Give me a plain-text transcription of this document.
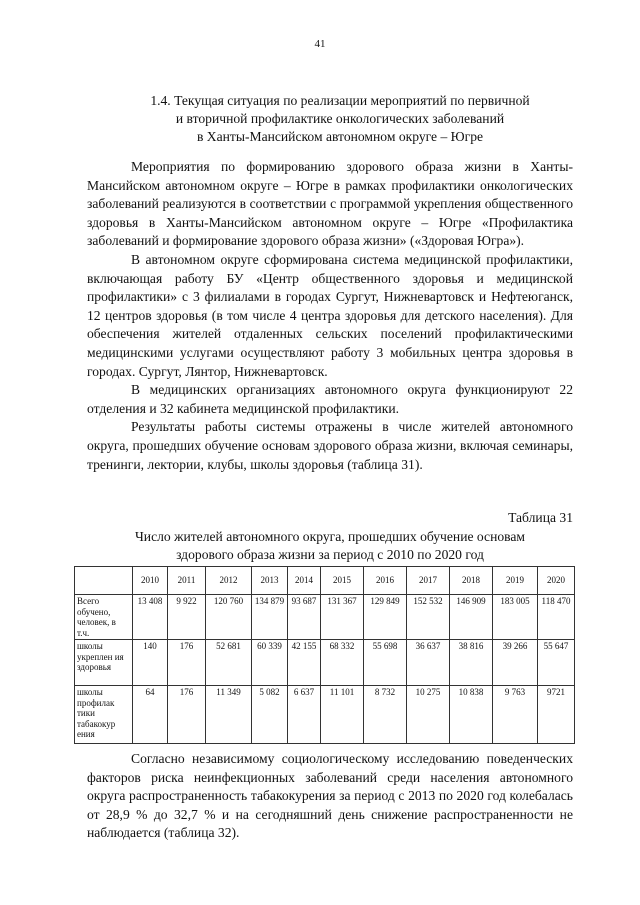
41
1.4. Текущая ситуация по реализации мероприятий по первичной
и вторичной профилактике онкологических заболеваний
в Ханты-Мансийском автономном округе – Югре

Мероприятия по формированию здорового образа жизни в Ханты-Мансийском автономном округе – Югре в рамках профилактики онкологических заболеваний реализуются в соответствии с программой укрепления общественного здоровья в Ханты-Мансийском автономном округе – Югре «Профилактика заболеваний и формирование здорового образа жизни» («Здоровая Югра»).

В автономном округе сформирована система медицинской профилактики, включающая работу БУ «Центр общественного здоровья и медицинской профилактики» с 3 филиалами в городах Сургут, Нижневартовск и Нефтеюганск, 12 центров здоровья (в том числе 4 центра здоровья для детского населения). Для обеспечения жителей отдаленных сельских поселений профилактическими медицинскими услугами осуществляют работу 3 мобильных центра здоровья в городах. Сургут, Лянтор, Нижневартовск.

В медицинских организациях автономного округа функционируют 22 отделения и 32 кабинета медицинской профилактики.

Результаты работы системы отражены в числе жителей автономного округа, прошедших обучение основам здорового образа жизни, включая семинары, тренинги, лектории, клубы, школы здоровья (таблица 31).

Таблица 31
Число жителей автономного округа, прошедших обучение основам
здорового образа жизни за период с 2010 по 2020 год
	2010	2011	2012	2013	2014	2015	2016	2017	2018	2019	2020
Всего обучено, человек, в т.ч.	13 408	9 922	120 760	134 879	93 687	131 367	129 849	152 532	146 909	183 005	118 470
школы укреплен ия здоровья	140	176	52 681	60 339	42 155	68 332	55 698	36 637	38 816	39 266	55 647
школы профилак тики табакокур ения	64	176	11 349	5 082	6 637	11 101	8 732	10 275	10 838	9 763	9721

Согласно независимому социологическому исследованию поведенческих факторов риска неинфекционных заболеваний среди населения автономного округа распространенность табакокурения за период с 2013 по 2020 год колебалась от 28,9 % до 32,7 % и на сегодняшний день снижение распространенности не наблюдается (таблица 32).
